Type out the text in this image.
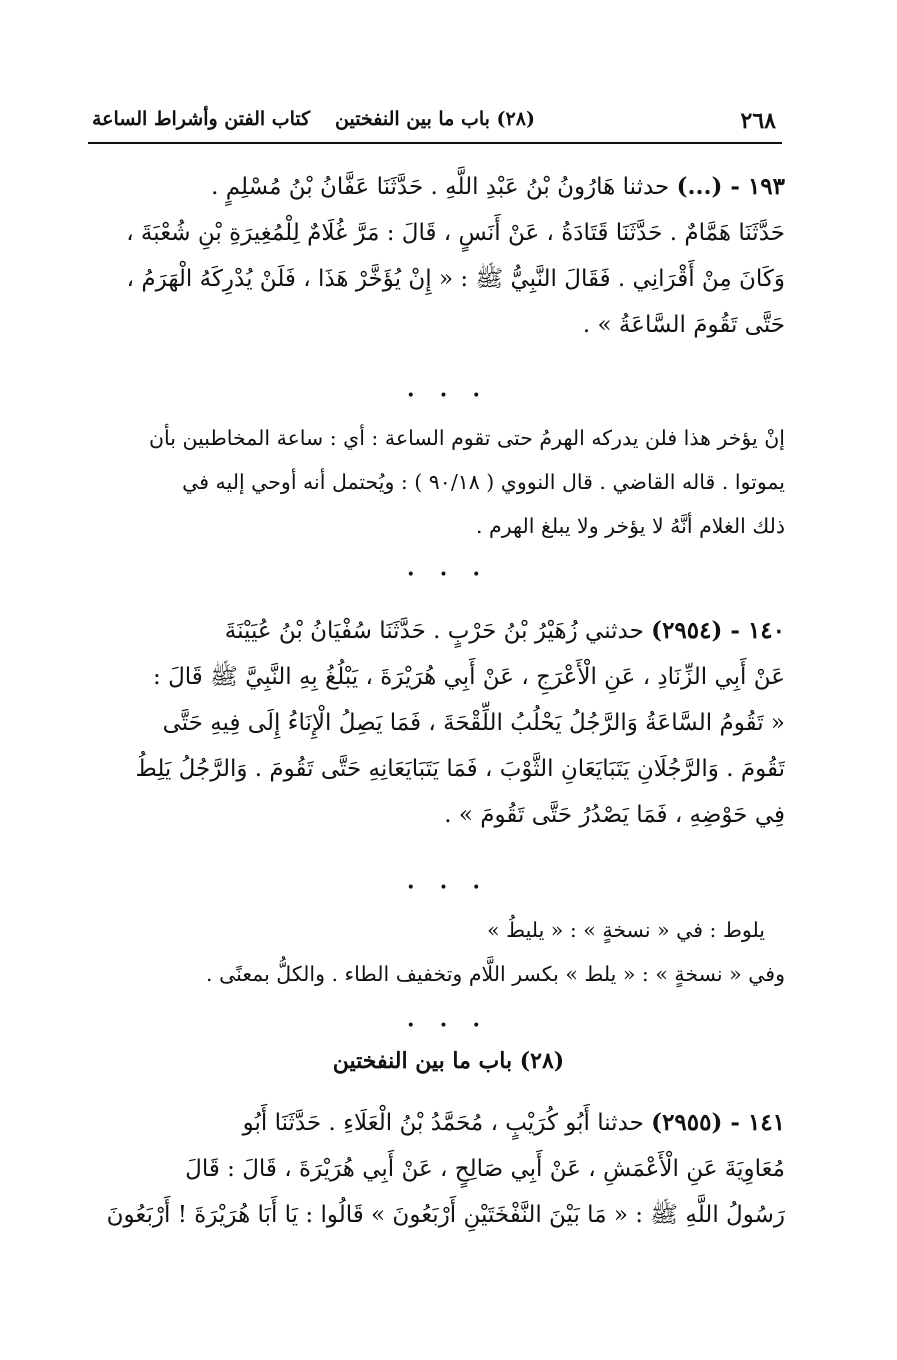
٢٦٨
(٢٨) باب ما بين النفختين
كتاب الفتن وأشراط الساعة
١٩٣ - (...) حدثنا هَارُونُ بْنُ عَبْدِ اللَّهِ . حَدَّثَنَا عَفَّانُ بْنُ مُسْلِمٍ .
حَدَّثَنَا هَمَّامٌ . حَدَّثَنَا قَتَادَةُ ، عَنْ أَنَسٍ ، قَالَ : مَرَّ غُلَامٌ لِلْمُغِيرَةِ بْنِ شُعْبَةَ ،
وَكَانَ مِنْ أَقْرَانِي . فَقَالَ النَّبِيُّ ﷺ : « إِنْ يُؤَخَّرْ هَذَا ، فَلَنْ يُدْرِكَهُ الْهَرَمُ ،
حَتَّى تَقُومَ السَّاعَةُ » .
• • •
إنْ يؤخر هذا فلن يدركه الهرمُ حتى تقوم الساعة : أي : ساعة المخاطبين بأن
يموتوا . قاله القاضي . قال النووي ( ٩٠/١٨ ) : ويُحتمل أنه أوحي إليه في
ذلك الغلام أنَّهُ لا يؤخر ولا يبلغ الهرم .
• • •
١٤٠ - (٢٩٥٤) حدثني زُهَيْرُ بْنُ حَرْبٍ . حَدَّثَنَا سُفْيَانُ بْنُ عُيَيْنَةَ
عَنْ أَبِي الزِّنَادِ ، عَنِ الْأَعْرَجِ ، عَنْ أَبِي هُرَيْرَةَ ، يَبْلُغُ بِهِ النَّبِيَّ ﷺ قَالَ :
« تَقُومُ السَّاعَةُ وَالرَّجُلُ يَحْلُبُ اللِّقْحَةَ ، فَمَا يَصِلُ الْإِنَاءُ إِلَى فِيهِ حَتَّى
تَقُومَ . وَالرَّجُلَانِ يَتَبَايَعَانِ الثَّوْبَ ، فَمَا يَتَبَايَعَانِهِ حَتَّى تَقُومَ . وَالرَّجُلُ يَلِطُ
فِي حَوْضِهِ ، فَمَا يَصْدُرُ حَتَّى تَقُومَ » .
• • •
يلوط : في « نسخةٍ » : « يليطُ »
وفي « نسخةٍ » : « يلط » بكسر اللَّام وتخفيف الطاء . والكلُّ بمعنًى .
• • •
(٢٨) باب ما بين النفختين
١٤١ - (٢٩٥٥) حدثنا أَبُو كُرَيْبٍ ، مُحَمَّدُ بْنُ الْعَلَاءِ . حَدَّثَنَا أَبُو
مُعَاوِيَةَ عَنِ الْأَعْمَشِ ، عَنْ أَبِي صَالِحٍ ، عَنْ أَبِي هُرَيْرَةَ ، قَالَ : قَالَ
رَسُولُ اللَّهِ ﷺ : « مَا بَيْنَ النَّفْخَتَيْنِ أَرْبَعُونَ » قَالُوا : يَا أَبَا هُرَيْرَةَ ! أَرْبَعُونَ
